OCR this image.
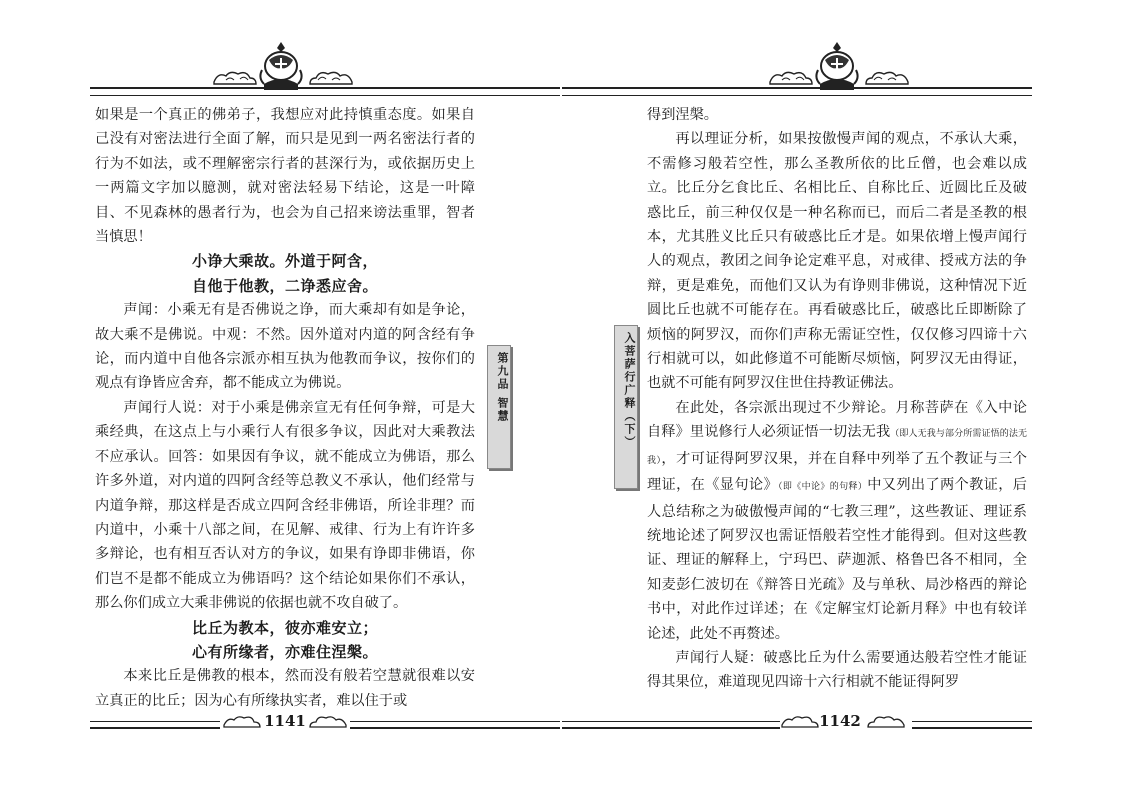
如果是一个真正的佛弟子，我想应对此持慎重态度。如果自己没有对密法进行全面了解，而只是见到一两名密法行者的行为不如法，或不理解密宗行者的甚深行为，或依据历史上一两篇文字加以臆测，就对密法轻易下结论，这是一叶障目、不见森林的愚者行为，也会为自己招来谤法重罪，智者当慎思！

小诤大乘故。外道于阿含，

自他于他教，二诤悉应舍。

声闻：小乘无有是否佛说之诤，而大乘却有如是争论，故大乘不是佛说。中观：不然。因外道对内道的阿含经有争论，而内道中自他各宗派亦相互执为他教而争议，按你们的观点有诤皆应舍弃，都不能成立为佛说。

声闻行人说：对于小乘是佛亲宣无有任何争辩，可是大乘经典，在这点上与小乘行人有很多争议，因此对大乘教法不应承认。回答：如果因有争议，就不能成立为佛语，那么许多外道，对内道的四阿含经等总教义不承认，他们经常与内道争辩，那这样是否成立四阿含经非佛语，所诠非理？而内道中，小乘十八部之间，在见解、戒律、行为上有许许多多辩论，也有相互否认对方的争议，如果有诤即非佛语，你们岂不是都不能成立为佛语吗？这个结论如果你们不承认，那么你们成立大乘非佛说的依据也就不攻自破了。

比丘为教本，彼亦难安立；

心有所缘者，亦难住涅槃。

本来比丘是佛教的根本，然而没有般若空慧就很难以安立真正的比丘；因为心有所缘执实者，难以住于或

第九品 智慧
1141
入菩萨行广释（下）

得到涅槃。

再以理证分析，如果按傲慢声闻的观点，不承认大乘，不需修习般若空性，那么圣教所依的比丘僧，也会难以成立。比丘分乞食比丘、名相比丘、自称比丘、近圆比丘及破惑比丘，前三种仅仅是一种名称而已，而后二者是圣教的根本，尤其胜义比丘只有破惑比丘才是。如果依增上慢声闻行人的观点，教团之间争论定难平息，对戒律、授戒方法的争辩，更是难免，而他们又认为有诤则非佛说，这种情况下近圆比丘也就不可能存在。再看破惑比丘，破惑比丘即断除了烦恼的阿罗汉，而你们声称无需证空性，仅仅修习四谛十六行相就可以，如此修道不可能断尽烦恼，阿罗汉无由得证，也就不可能有阿罗汉住世住持教证佛法。

在此处，各宗派出现过不少辩论。月称菩萨在《入中论自释》里说修行人必须证悟一切法无我（即人无我与部分所需证悟的法无我），才可证得阿罗汉果，并在自释中列举了五个教证与三个理证，在《显句论》（即《中论》的句释）中又列出了两个教证，后人总结称之为破傲慢声闻的“七教三理”，这些教证、理证系统地论述了阿罗汉也需证悟般若空性才能得到。但对这些教证、理证的解释上，宁玛巴、萨迦派、格鲁巴各不相同，全知麦彭仁波切在《辩答日光疏》及与单秋、局沙格西的辩论书中，对此作过详述；在《定解宝灯论新月释》中也有较详论述，此处不再赘述。

声闻行人疑：破惑比丘为什么需要通达般若空性才能证得其果位，难道现见四谛十六行相就不能证得阿罗

1142
